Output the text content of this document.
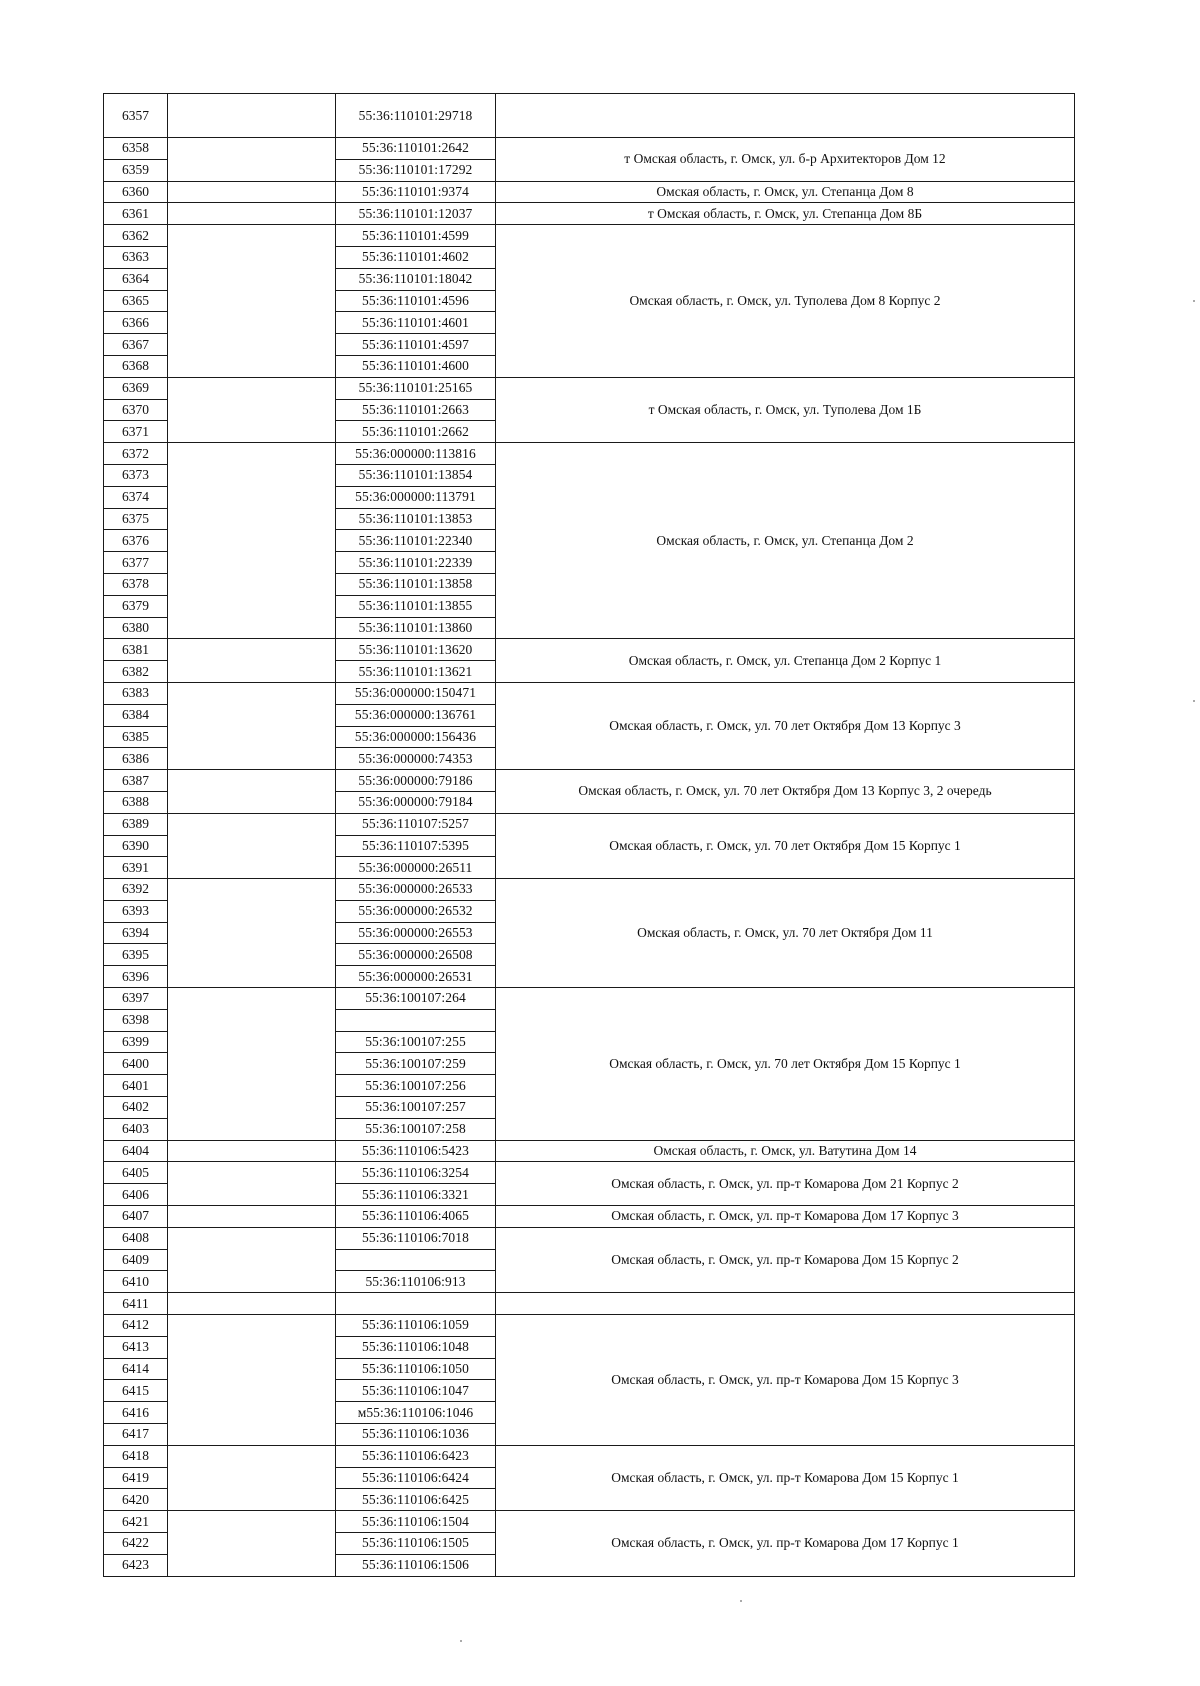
6357		55:36:110101:29718	
6358		55:36:110101:2642	т Омская область, г. Омск, ул. б-р Архитекторов Дом 12
6359		55:36:110101:17292	
6360		55:36:110101:9374	Омская область, г. Омск, ул. Степанца Дом 8
6361		55:36:110101:12037	т Омская область, г. Омск, ул. Степанца Дом 8Б
6362		55:36:110101:4599	Омская область, г. Омск, ул. Туполева Дом 8 Корпус 2
6363		55:36:110101:4602	
6364		55:36:110101:18042	
6365		55:36:110101:4596	
6366		55:36:110101:4601	
6367		55:36:110101:4597	
6368		55:36:110101:4600	
6369		55:36:110101:25165	т Омская область, г. Омск, ул. Туполева Дом 1Б
6370		55:36:110101:2663	
6371		55:36:110101:2662	
6372		55:36:000000:113816	Омская область, г. Омск, ул. Степанца Дом 2
6373		55:36:110101:13854	
6374		55:36:000000:113791	
6375		55:36:110101:13853	
6376		55:36:110101:22340	
6377		55:36:110101:22339	
6378		55:36:110101:13858	
6379		55:36:110101:13855	
6380		55:36:110101:13860	
6381		55:36:110101:13620	Омская область, г. Омск, ул. Степанца Дом 2 Корпус 1
6382		55:36:110101:13621	
6383		55:36:000000:150471	Омская область, г. Омск, ул. 70 лет Октября Дом 13 Корпус 3
6384		55:36:000000:136761	
6385		55:36:000000:156436	
6386		55:36:000000:74353	
6387		55:36:000000:79186	Омская область, г. Омск, ул. 70 лет Октября Дом 13 Корпус 3, 2 очередь
6388		55:36:000000:79184	
6389		55:36:110107:5257	Омская область, г. Омск, ул. 70 лет Октября Дом 15 Корпус 1
6390		55:36:110107:5395	
6391		55:36:000000:26511	
6392		55:36:000000:26533	Омская область, г. Омск, ул. 70 лет Октября Дом 11
6393		55:36:000000:26532	
6394		55:36:000000:26553	
6395		55:36:000000:26508	
6396		55:36:000000:26531	
6397		55:36:100107:264	Омская область, г. Омск, ул. 70 лет Октября Дом 15 Корпус 1
6398			
6399		55:36:100107:255	
6400		55:36:100107:259	
6401		55:36:100107:256	
6402		55:36:100107:257	
6403		55:36:100107:258	
6404		55:36:110106:5423	Омская область, г. Омск, ул. Ватутина Дом 14
6405		55:36:110106:3254	Омская область, г. Омск, ул. пр-т Комарова Дом 21 Корпус 2
6406		55:36:110106:3321	
6407		55:36:110106:4065	Омская область, г. Омск, ул. пр-т Комарова Дом 17 Корпус 3
6408		55:36:110106:7018	Омская область, г. Омск, ул. пр-т Комарова Дом 15 Корпус 2
6409			
6410		55:36:110106:913	
6411			
6412		55:36:110106:1059	Омская область, г. Омск, ул. пр-т Комарова Дом 15 Корпус 3
6413		55:36:110106:1048	
6414		55:36:110106:1050	
6415		55:36:110106:1047	
6416		м55:36:110106:1046	
6417		55:36:110106:1036	
6418		55:36:110106:6423	Омская область, г. Омск, ул. пр-т Комарова Дом 15 Корпус 1
6419		55:36:110106:6424	
6420		55:36:110106:6425	
6421		55:36:110106:1504	Омская область, г. Омск, ул. пр-т Комарова Дом 17 Корпус 1
6422		55:36:110106:1505	
6423		55:36:110106:1506	
